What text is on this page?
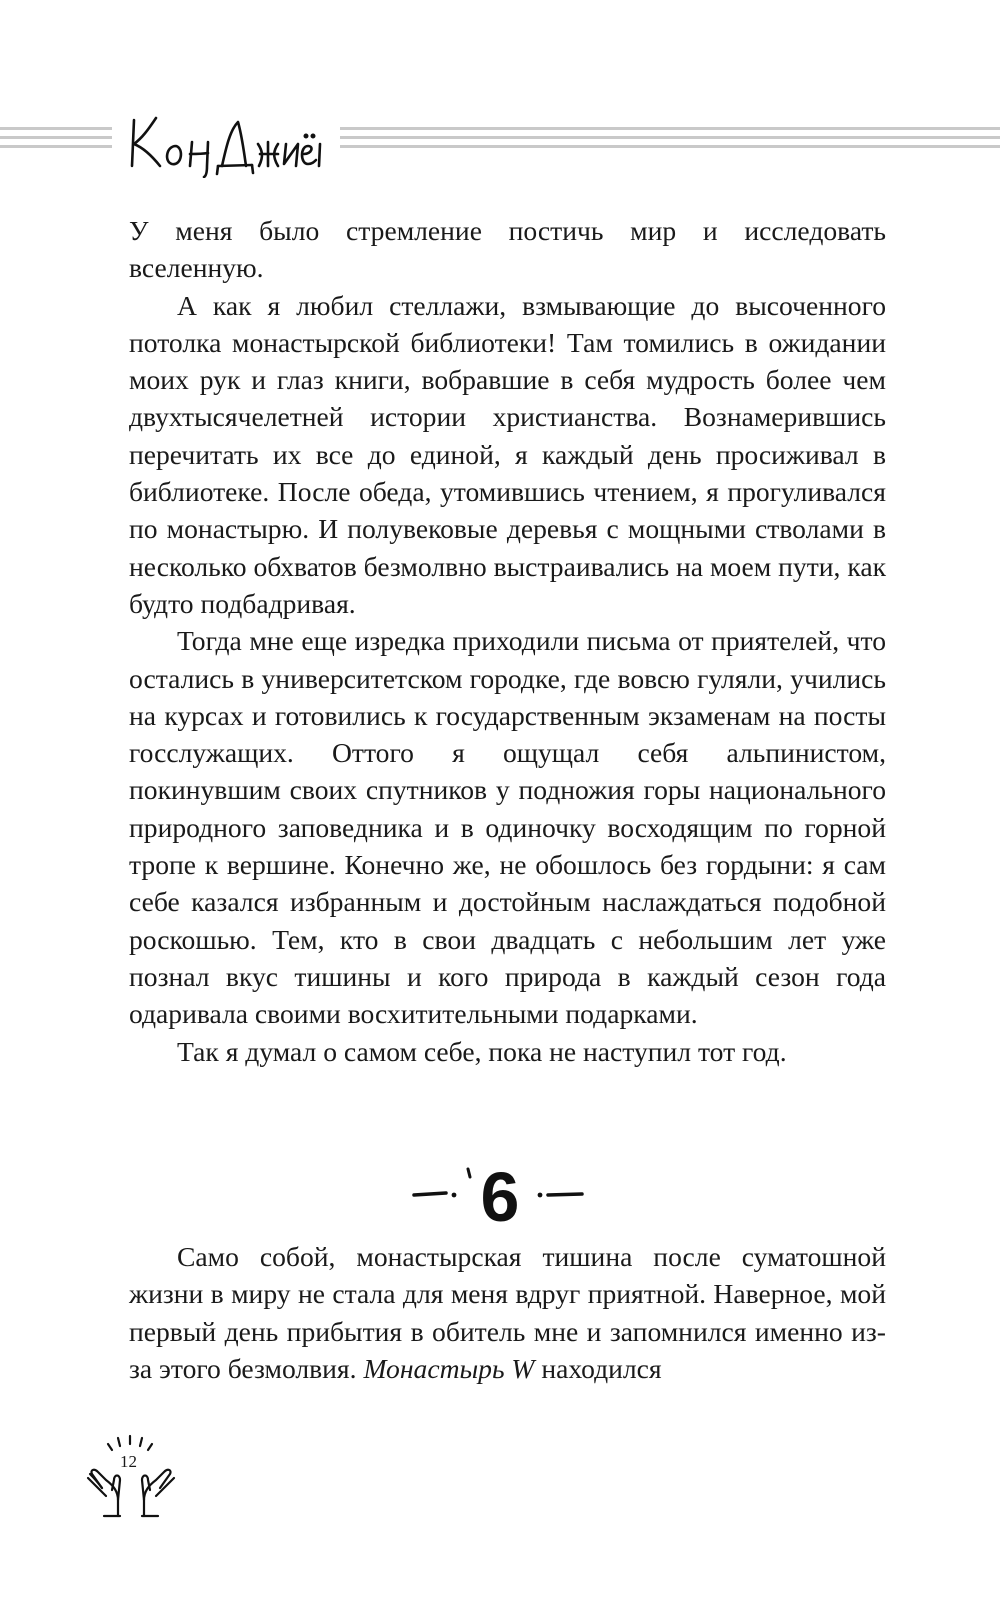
У меня было стремление постичь мир и исследовать вселенную.

А как я любил стеллажи, взмывающие до высоченного потолка монастырской библиотеки! Там томились в ожидании моих рук и глаз книги, вобравшие в себя мудрость более чем двухтысячелетней истории христианства. Вознамерившись перечитать их все до единой, я каждый день просиживал в библиотеке. После обеда, утомившись чтением, я прогуливался по монастырю. И полувековые деревья с мощными стволами в несколько обхватов безмолвно выстраивались на моем пути, как будто подбадривая.

Тогда мне еще изредка приходили письма от приятелей, что остались в университетском городке, где вовсю гуляли, учились на курсах и готовились к государственным экзаменам на посты госслужащих. Оттого я ощущал себя альпинистом, покинувшим своих спутников у подножия горы национального природного заповедника и в одиночку восходящим по горной тропе к вершине. Конечно же, не обошлось без гордыни: я сам себе казался избранным и достойным наслаждаться подобной роскошью. Тем, кто в свои двадцать с небольшим лет уже познал вкус тишины и кого природа в каждый сезон года одаривала своими восхитительными подарками.

Так я думал о самом себе, пока не наступил тот год.

6

Само собой, монастырская тишина после суматошной жизни в миру не стала для меня вдруг приятной. Наверное, мой первый день прибытия в обитель мне и запомнился именно из-за этого безмолвия. Монастырь W находился

12
